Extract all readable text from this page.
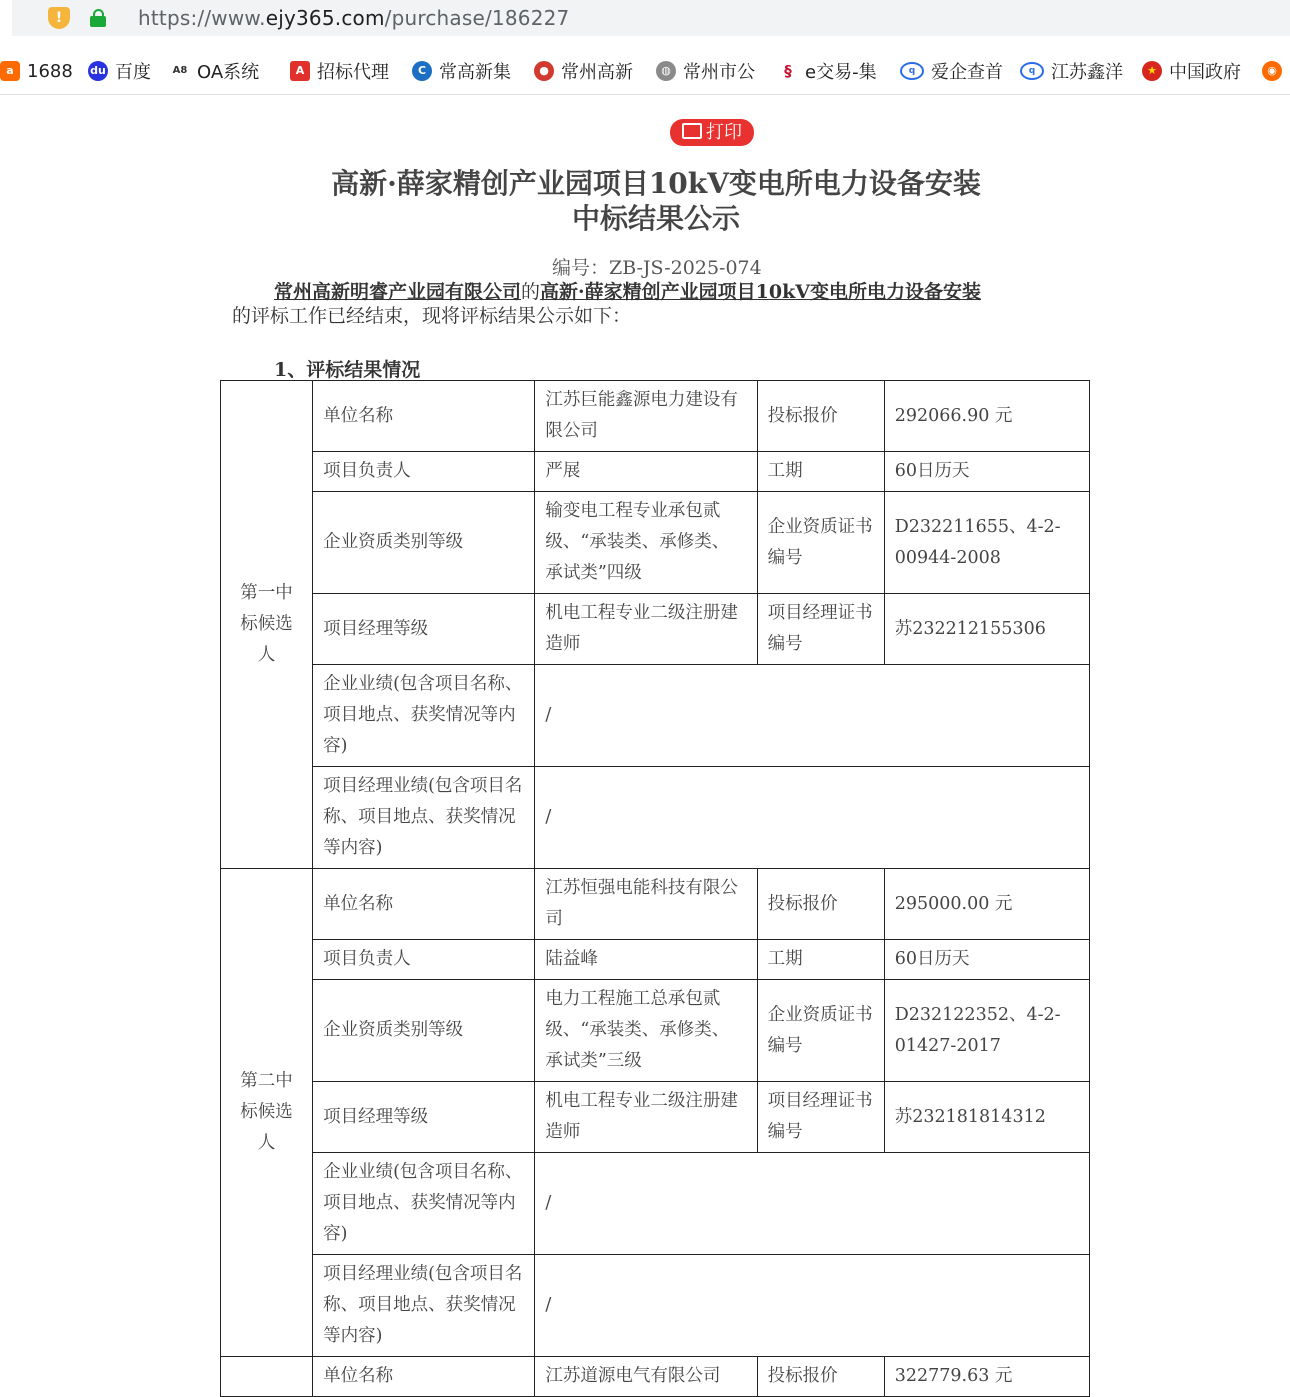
!	https://www.ejy365.com/purchase/186227
a 1688 du 百度 A8 OA系统	A 招标代理	C 常高新集	● 常州高新	◍ 常州市公	§ e交易-集	q 爱企查首	q 江苏鑫洋	★ 中国政府	◉
打印
高新·薛家精创产业园项目10kV变电所电力设备安装
中标结果公示
编号：ZB-JS-2025-074
常州高新明睿产业园有限公司的高新·薛家精创产业园项目10kV变电所电力设备安装
的评标工作已经结束，现将评标结果公示如下：
1、评标结果情况
第一中标候选人	单位名称	江苏巨能鑫源电力建设有限公司	投标报价	292066.90 元
	项目负责人	严展	工期	60日历天
	企业资质类别等级	输变电工程专业承包贰级、“承装类、承修类、承试类”四级	企业资质证书编号	D232211655、4-2-00944-2008
	项目经理等级	机电工程专业二级注册建造师	项目经理证书编号	苏232212155306
	企业业绩(包含项目名称、项目地点、获奖情况等内容)	/		
	项目经理业绩(包含项目名称、项目地点、获奖情况等内容)	/		
第二中标候选人	单位名称	江苏恒强电能科技有限公司	投标报价	295000.00 元
	项目负责人	陆益峰	工期	60日历天
	企业资质类别等级	电力工程施工总承包贰级、“承装类、承修类、承试类”三级	企业资质证书编号	D232122352、4-2-01427-2017
	项目经理等级	机电工程专业二级注册建造师	项目经理证书编号	苏232181814312
	企业业绩(包含项目名称、项目地点、获奖情况等内容)	/		
	项目经理业绩(包含项目名称、项目地点、获奖情况等内容)	/		
	单位名称	江苏道源电气有限公司	投标报价	322779.63 元
